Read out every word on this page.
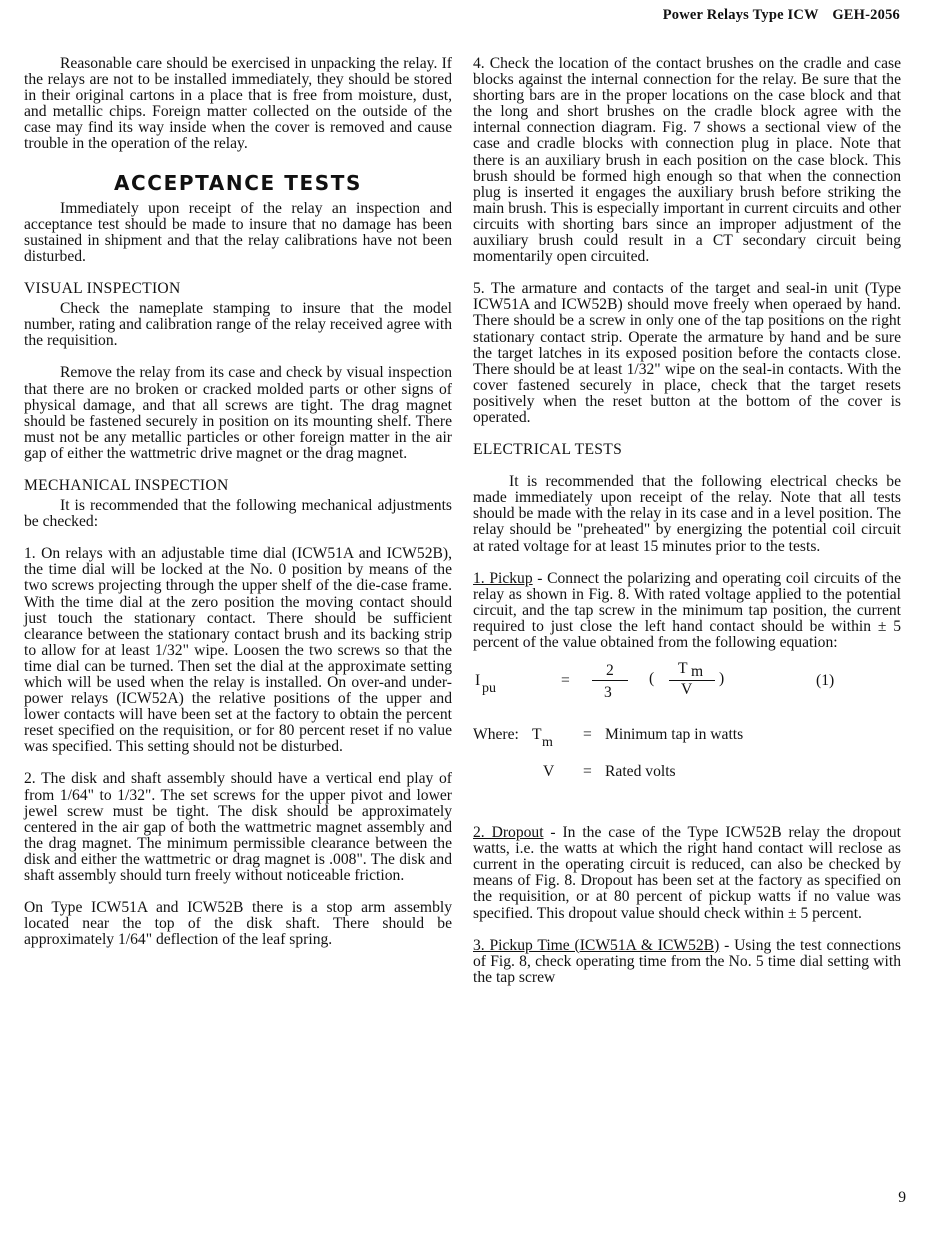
Power Relays Type ICW GEH-2056

Reasonable care should be exercised in unpacking the relay. If the relays are not to be installed immediately, they should be stored in their original cartons in a place that is free from moisture, dust, and metallic chips. Foreign matter collected on the outside of the case may find its way inside when the cover is removed and cause trouble in the operation of the relay.

ACCEPTANCE TESTS

Immediately upon receipt of the relay an inspection and acceptance test should be made to insure that no damage has been sustained in shipment and that the relay calibrations have not been disturbed.

VISUAL INSPECTION

Check the nameplate stamping to insure that the model number, rating and calibration range of the relay received agree with the requisition.

Remove the relay from its case and check by visual inspection that there are no broken or cracked molded parts or other signs of physical damage, and that all screws are tight. The drag magnet should be fastened securely in position on its mounting shelf. There must not be any metallic particles or other foreign matter in the air gap of either the wattmetric drive magnet or the drag magnet.

MECHANICAL INSPECTION

It is recommended that the following mechanical adjustments be checked:

1. On relays with an adjustable time dial (ICW51A and ICW52B), the time dial will be locked at the No. 0 position by means of the two screws projecting through the upper shelf of the die-case frame. With the time dial at the zero position the moving contact should just touch the stationary contact. There should be sufficient clearance between the stationary contact brush and its backing strip to allow for at least 1/32" wipe. Loosen the two screws so that the time dial can be turned. Then set the dial at the approximate setting which will be used when the relay is installed. On over-and under-power relays (ICW52A) the relative positions of the upper and lower contacts will have been set at the factory to obtain the percent reset specified on the requisition, or for 80 percent reset if no value was specified. This setting should not be disturbed.

2. The disk and shaft assembly should have a vertical end play of from 1/64" to 1/32". The set screws for the upper pivot and lower jewel screw must be tight. The disk should be approximately centered in the air gap of both the wattmetric magnet assembly and the drag magnet. The minimum permissible clearance between the disk and either the wattmetric or drag magnet is .008". The disk and shaft assembly should turn freely without noticeable friction.

On Type ICW51A and ICW52B there is a stop arm assembly located near the top of the disk shaft. There should be approximately 1/64" deflection of the leaf spring.

4. Check the location of the contact brushes on the cradle and case blocks against the internal connection for the relay. Be sure that the shorting bars are in the proper locations on the case block and that the long and short brushes on the cradle block agree with the internal connection diagram. Fig. 7 shows a sectional view of the case and cradle blocks with connection plug in place. Note that there is an auxiliary brush in each position on the case block. This brush should be formed high enough so that when the connection plug is inserted it engages the auxiliary brush before striking the main brush. This is especially important in current circuits and other circuits with shorting bars since an improper adjustment of the auxiliary brush could result in a CT secondary circuit being momentarily open circuited.

5. The armature and contacts of the target and seal-in unit (Type ICW51A and ICW52B) should move freely when operaed by hand. There should be a screw in only one of the tap positions on the right stationary contact strip. Operate the armature by hand and be sure the target latches in its exposed position before the contacts close. There should be at least 1/32" wipe on the seal-in contacts. With the cover fastened securely in place, check that the target resets positively when the reset button at the bottom of the cover is operated.

ELECTRICAL TESTS

It is recommended that the following electrical checks be made immediately upon receipt of the relay. Note that all tests should be made with the relay in its case and in a level position. The relay should be "preheated" by energizing the potential coil circuit at rated voltage for at least 15 minutes prior to the tests.

1. Pickup - Connect the polarizing and operating coil circuits of the relay as shown in Fig. 8. With rated voltage applied to the potential circuit, and the tap screw in the minimum tap position, the current required to just close the left hand contact should be within ± 5 percent of the value obtained from the following equation:

I pu	=
2
3
(
T m
V
)	(1)
Where: T m = Minimum tap in watts
V = Rated volts

2. Dropout - In the case of the Type ICW52B relay the dropout watts, i.e. the watts at which the right hand contact will reclose as current in the operating circuit is reduced, can also be checked by means of Fig. 8. Dropout has been set at the factory as specified on the requisition, or at 80 percent of pickup watts if no value was specified. This dropout value should check within ± 5 percent.

3. Pickup Time (ICW51A & ICW52B) - Using the test connections of Fig. 8, check operating time from the No. 5 time dial setting with the tap screw

9
